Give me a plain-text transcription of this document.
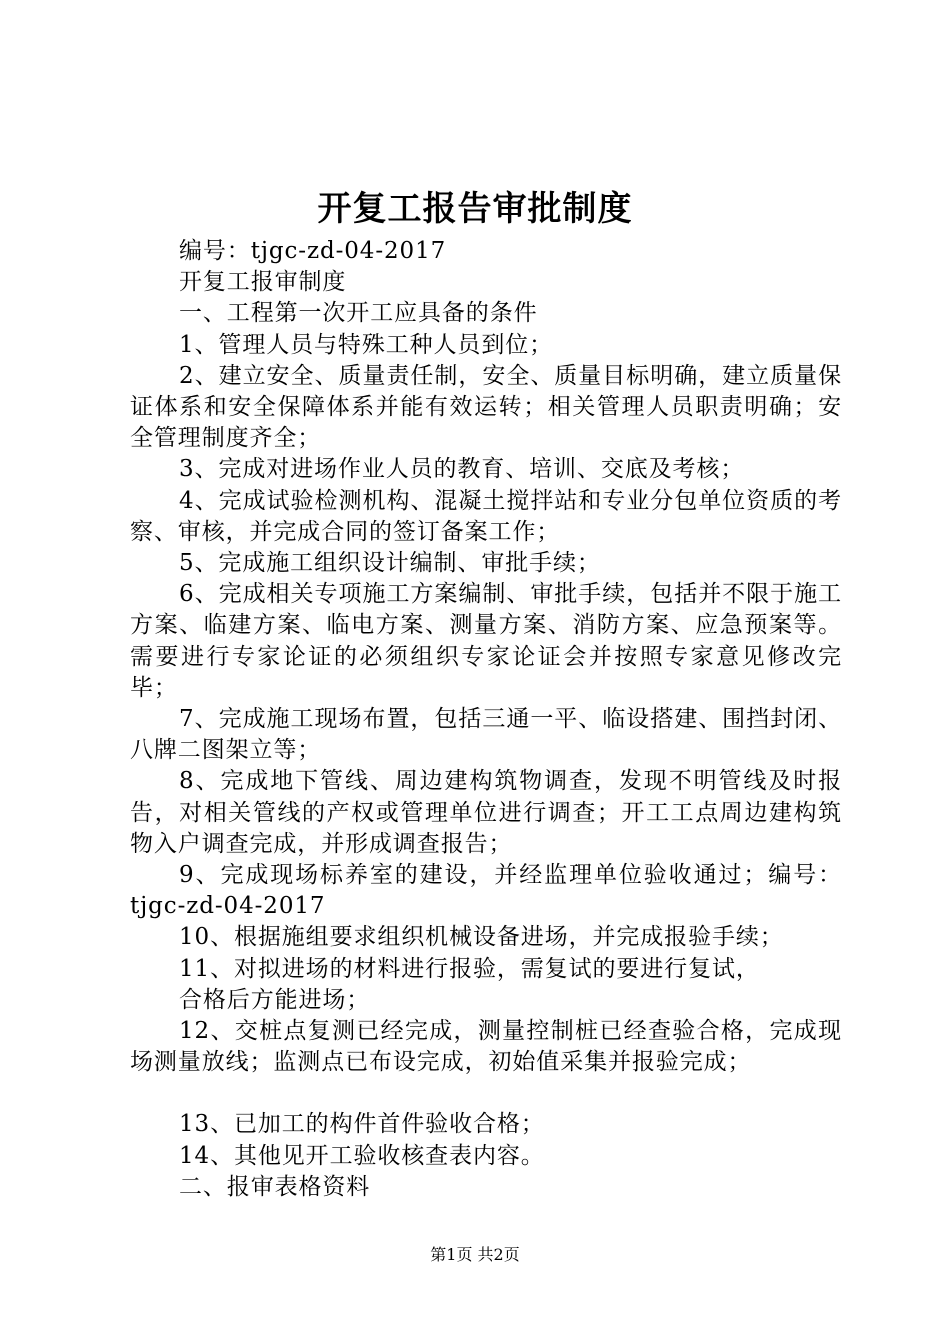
开复工报告审批制度

编号：tjgc-zd-04-2017

开复工报审制度

一、工程第一次开工应具备的条件

1、管理人员与特殊工种人员到位；

2、建立安全、质量责任制，安全、质量目标明确，建立质量保证体系和安全保障体系并能有效运转；相关管理人员职责明确；安全管理制度齐全；

3、完成对进场作业人员的教育、培训、交底及考核；

4、完成试验检测机构、混凝土搅拌站和专业分包单位资质的考察、审核，并完成合同的签订备案工作；

5、完成施工组织设计编制、审批手续；

6、完成相关专项施工方案编制、审批手续，包括并不限于施工方案、临建方案、临电方案、测量方案、消防方案、应急预案等。需要进行专家论证的必须组织专家论证会并按照专家意见修改完毕；

7、完成施工现场布置，包括三通一平、临设搭建、围挡封闭、八牌二图架立等；

8、完成地下管线、周边建构筑物调查，发现不明管线及时报告，对相关管线的产权或管理单位进行调查；开工工点周边建构筑物入户调查完成，并形成调查报告；

9、完成现场标养室的建设，并经监理单位验收通过；编号：tjgc-zd-04-2017

10、根据施组要求组织机械设备进场，并完成报验手续；

11、对拟进场的材料进行报验，需复试的要进行复试，

合格后方能进场；

12、交桩点复测已经完成，测量控制桩已经查验合格，完成现场测量放线；监测点已布设完成，初始值采集并报验完成；

13、已加工的构件首件验收合格；

14、其他见开工验收核查表内容。

二、报审表格资料

第1页 共2页
